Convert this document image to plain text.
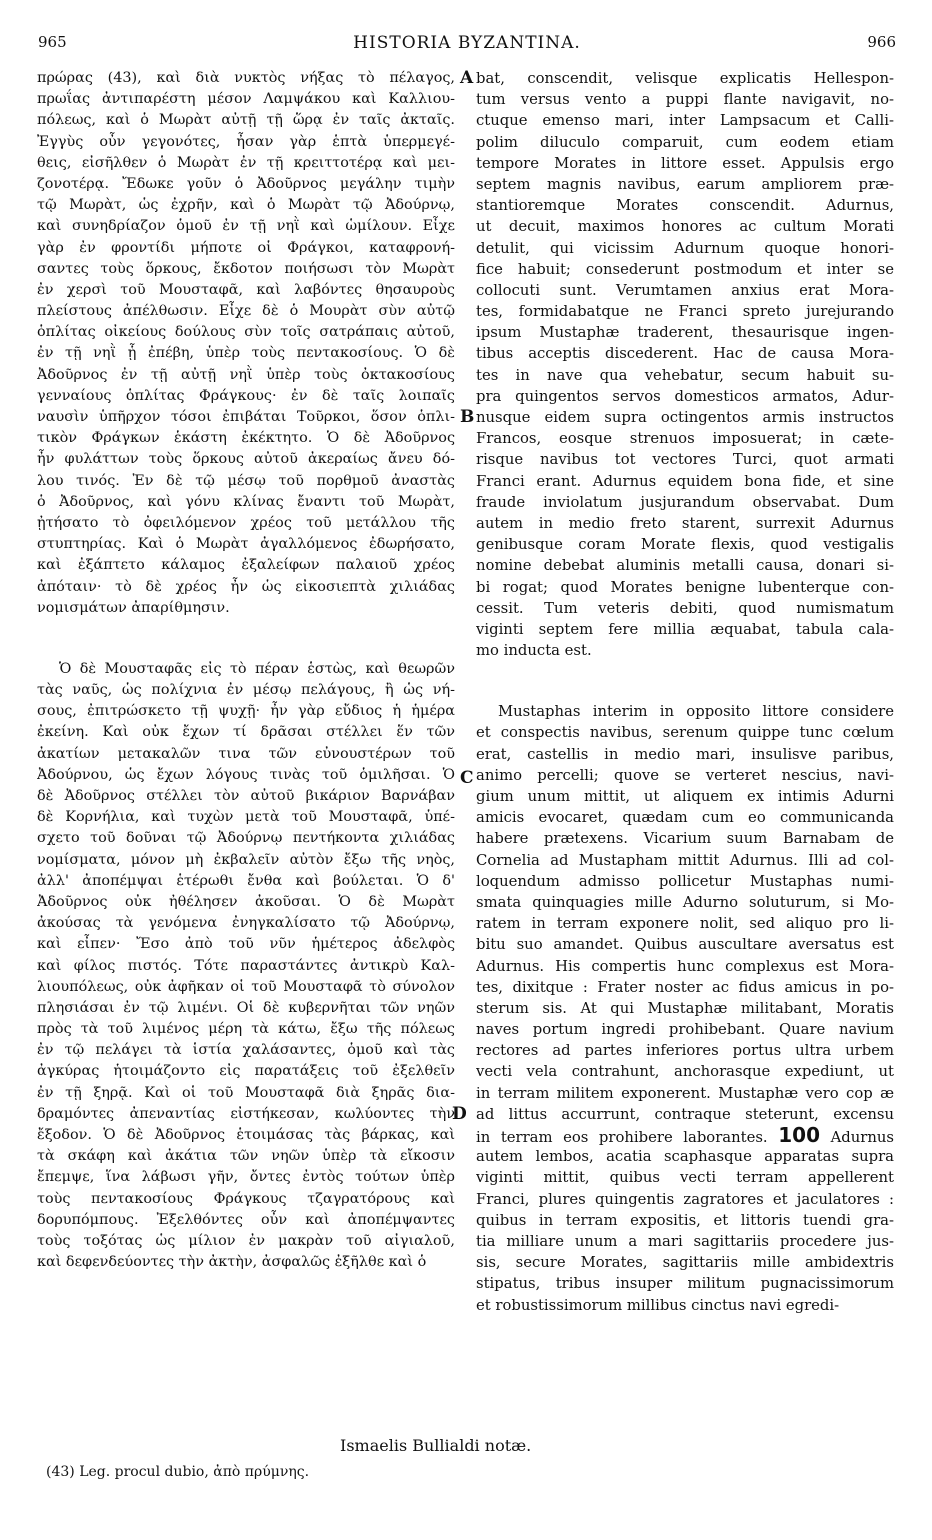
965	HISTORIA BYZANTINA.	966
πρώρας (43), καὶ διὰ νυκτὸς νήξας τὸ πέλαγος,
πρωΐας ἀντιπαρέστη μέσον Λαμψάκου καὶ Καλλιου-
πόλεως, καὶ ὁ Μωρὰτ αὐτῇ τῇ ὥρᾳ ἐν ταῖς ἀκταῖς.
Ἐγγὺς οὖν γεγονότες, ἦσαν γὰρ ἑπτὰ ὑπερμεγέ-
θεις, εἰσῆλθεν ὁ Μωρὰτ ἐν τῇ κρειττοτέρᾳ καὶ μει-
ζονοτέρᾳ. Ἔδωκε γοῦν ὁ Ἀδοῦρνος μεγάλην τιμὴν
τῷ Μωρὰτ, ὡς ἐχρῆν, καὶ ὁ Μωρὰτ τῷ Ἀδούρνῳ,
καὶ συνηδρίαζον ὁμοῦ ἐν τῇ νηῒ καὶ ὡμίλουν. Εἶχε
γὰρ ἐν φροντίδι μήποτε οἱ Φράγκοι, καταφρονή-
σαντες τοὺς ὅρκους, ἔκδοτον ποιήσωσι τὸν Μωρὰτ
ἐν χερσὶ τοῦ Μουσταφᾶ, καὶ λαβόντες θησαυροὺς
πλείστους ἀπέλθωσιν. Εἶχε δὲ ὁ Μουρὰτ σὺν αὐτῷ
ὁπλίτας οἰκείους δούλους σὺν τοῖς σατράπαις αὐτοῦ,
ἐν τῇ νηῒ ᾗ ἐπέβη, ὑπὲρ τοὺς πεντακοσίους. Ὁ δὲ
Ἀδοῦρνος ἐν τῇ αὐτῇ νηῒ ὑπὲρ τοὺς ὀκτακοσίους
γενναίους ὁπλίτας Φράγκους· ἐν δὲ ταῖς λοιπαῖς
ναυσὶν ὑπῆρχον τόσοι ἐπιβάται Τοῦρκοι, ὅσον ὁπλι-
τικὸν Φράγκων ἑκάστη ἐκέκτητο. Ὁ δὲ Ἀδοῦρνος
ἦν φυλάττων τοὺς ὅρκους αὐτοῦ ἀκεραίως ἄνευ δό-
λου τινός. Ἐν δὲ τῷ μέσῳ τοῦ πορθμοῦ ἀναστὰς
ὁ Ἀδοῦρνος, καὶ γόνυ κλίνας ἔναντι τοῦ Μωρὰτ,
ᾐτήσατο τὸ ὀφειλόμενον χρέος τοῦ μετάλλου τῆς
στυπτηρίας. Καὶ ὁ Μωρὰτ ἀγαλλόμενος ἐδωρήσατο,
καὶ ἐξάπτετο κάλαμος ἐξαλείφων παλαιοῦ χρέος
ἀπόταιν· τὸ δὲ χρέος ἦν ὡς εἰκοσιεπτὰ χιλιάδας
νομισμάτων ἀπαρίθμησιν.
Ὁ δὲ Μουσταφᾶς εἰς τὸ πέραν ἑστὼς, καὶ θεωρῶν
τὰς ναῦς, ὡς πολίχνια ἐν μέσῳ πελάγους, ἢ ὡς νή-
σους, ἐπιτρώσκετο τῇ ψυχῇ· ἦν γὰρ εὔδιος ἡ ἡμέρα
ἐκείνη. Καὶ οὐκ ἔχων τί δρᾶσαι στέλλει ἕν τῶν
ἀκατίων μετακαλῶν τινα τῶν εὐνουστέρων τοῦ
Ἀδούρνου, ὡς ἔχων λόγους τινὰς τοῦ ὁμιλῆσαι. Ὁ
δὲ Ἀδοῦρνος στέλλει τὸν αὐτοῦ βικάριον Βαρνάβαν
δὲ Κορνήλια, καὶ τυχὼν μετὰ τοῦ Μουσταφᾶ, ὑπέ-
σχετο τοῦ δοῦναι τῷ Ἀδούρνῳ πεντήκοντα χιλιάδας
νομίσματα, μόνον μὴ ἐκβαλεῖν αὐτὸν ἔξω τῆς νηὸς,
ἀλλ' ἀποπέμψαι ἑτέρωθι ἔνθα καὶ βούλεται. Ὁ δ'
Ἀδοῦρνος οὐκ ἠθέλησεν ἀκοῦσαι. Ὁ δὲ Μωρὰτ
ἀκούσας τὰ γενόμενα ἐνηγκαλίσατο τῷ Ἀδούρνῳ,
καὶ εἶπεν· Ἔσο ἀπὸ τοῦ νῦν ἡμέτερος ἀδελφὸς
καὶ φίλος πιστός. Τότε παραστάντες ἀντικρὺ Καλ-
λιουπόλεως, οὐκ ἀφῆκαν οἱ τοῦ Μουσταφᾶ τὸ σύνολον
πλησιάσαι ἐν τῷ λιμένι. Οἱ δὲ κυβερνῆται τῶν νηῶν
πρὸς τὰ τοῦ λιμένος μέρη τὰ κάτω, ἔξω τῆς πόλεως
ἐν τῷ πελάγει τὰ ἱστία χαλάσαντες, ὁμοῦ καὶ τὰς
ἀγκύρας ἡτοιμάζοντο εἰς παρατάξεις τοῦ ἐξελθεῖν
ἐν τῇ ξηρᾷ. Καὶ οἱ τοῦ Μουσταφᾶ διὰ ξηρᾶς δια-
δραμόντες ἀπεναντίας εἰστήκεσαν, κωλύοντες τὴν
ἔξοδον. Ὁ δὲ Ἀδοῦρνος ἑτοιμάσας τὰς βάρκας, καὶ
τὰ σκάφη καὶ ἀκάτια τῶν νηῶν ὑπὲρ τὰ εἴκοσιν
ἔπεμψε, ἵνα λάβωσι γῆν, ὄντες ἐντὸς τούτων ὑπὲρ
τοὺς πεντακοσίους Φράγκους τζαγρατόρους καὶ
δορυπόμπους. Ἐξελθόντες οὖν καὶ ἀποπέμψαντες
τοὺς τοξότας ὡς μίλιον ἐν μακρὰν τοῦ αἰγιαλοῦ,
καὶ δεφενδεύοντες τὴν ἀκτὴν, ἀσφαλῶς ἐξῆλθε καὶ ὁ
bat, conscendit, velisque explicatis Hellespon-
tum versus vento a puppi flante navigavit, no-
ctuque emenso mari, inter Lampsacum et Calli-
polim diluculo comparuit, cum eodem etiam
tempore Morates in littore esset. Appulsis ergo
septem magnis navibus, earum ampliorem præ-
stantioremque Morates conscendit. Adurnus,
ut decuit, maximos honores ac cultum Morati
detulit, qui vicissim Adurnum quoque honori-
fice habuit; consederunt postmodum et inter se
collocuti sunt. Verumtamen anxius erat Mora-
tes, formidabatque ne Franci spreto jurejurando
ipsum Mustaphæ traderent, thesaurisque ingen-
tibus acceptis discederent. Hac de causa Mora-
tes in nave qua vehebatur, secum habuit su-
pra quingentos servos domesticos armatos, Adur-
nusque eidem supra octingentos armis instructos
Francos, eosque strenuos imposuerat; in cæte-
risque navibus tot vectores Turci, quot armati
Franci erant. Adurnus equidem bona fide, et sine
fraude inviolatum jusjurandum observabat. Dum
autem in medio freto starent, surrexit Adurnus
genibusque coram Morate flexis, quod vestigalis
nomine debebat aluminis metalli causa, donari si-
bi rogat; quod Morates benigne lubenterque con-
cessit. Tum veteris debiti, quod numismatum
viginti septem fere millia æquabat, tabula cala-
mo inducta est.
Mustaphas interim in opposito littore considere
et conspectis navibus, serenum quippe tunc cœlum
erat, castellis in medio mari, insulisve paribus,
animo percelli; quove se verteret nescius, navi-
gium unum mittit, ut aliquem ex intimis Adurni
amicis evocaret, quædam cum eo communicanda
habere prætexens. Vicarium suum Barnabam de
Cornelia ad Mustapham mittit Adurnus. Illi ad col-
loquendum admisso pollicetur Mustaphas numi-
smata quinquagies mille Adurno soluturum, si Mo-
ratem in terram exponere nolit, sed aliquo pro li-
bitu suo amandet. Quibus auscultare aversatus est
Adurnus. His compertis hunc complexus est Mora-
tes, dixitque : Frater noster ac fidus amicus in po-
sterum sis. At qui Mustaphæ militabant, Moratis
naves portum ingredi prohibebant. Quare navium
rectores ad partes inferiores portus ultra urbem
vecti vela contrahunt, anchorasque expediunt, ut
in terram militem exponerent. Mustaphæ vero cop æ
ad littus accurrunt, contraque steterunt, excensu
in terram eos prohibere laborantes. 100 Adurnus
autem lembos, acatia scaphasque apparatas supra
viginti mittit, quibus vecti terram appellerent
Franci, plures quingentis zagratores et jaculatores :
quibus in terram expositis, et littoris tuendi gra-
tia milliare unum a mari sagittariis procedere jus-
sis, secure Morates, sagittariis mille ambidextris
stipatus, tribus insuper militum pugnacissimorum
et robustissimorum millibus cinctus navi egredi-
A
B
C
D
Ismaelis Bullialdi notæ.
(43) Leg. procul dubio, ἀπὸ πρύμνης.
